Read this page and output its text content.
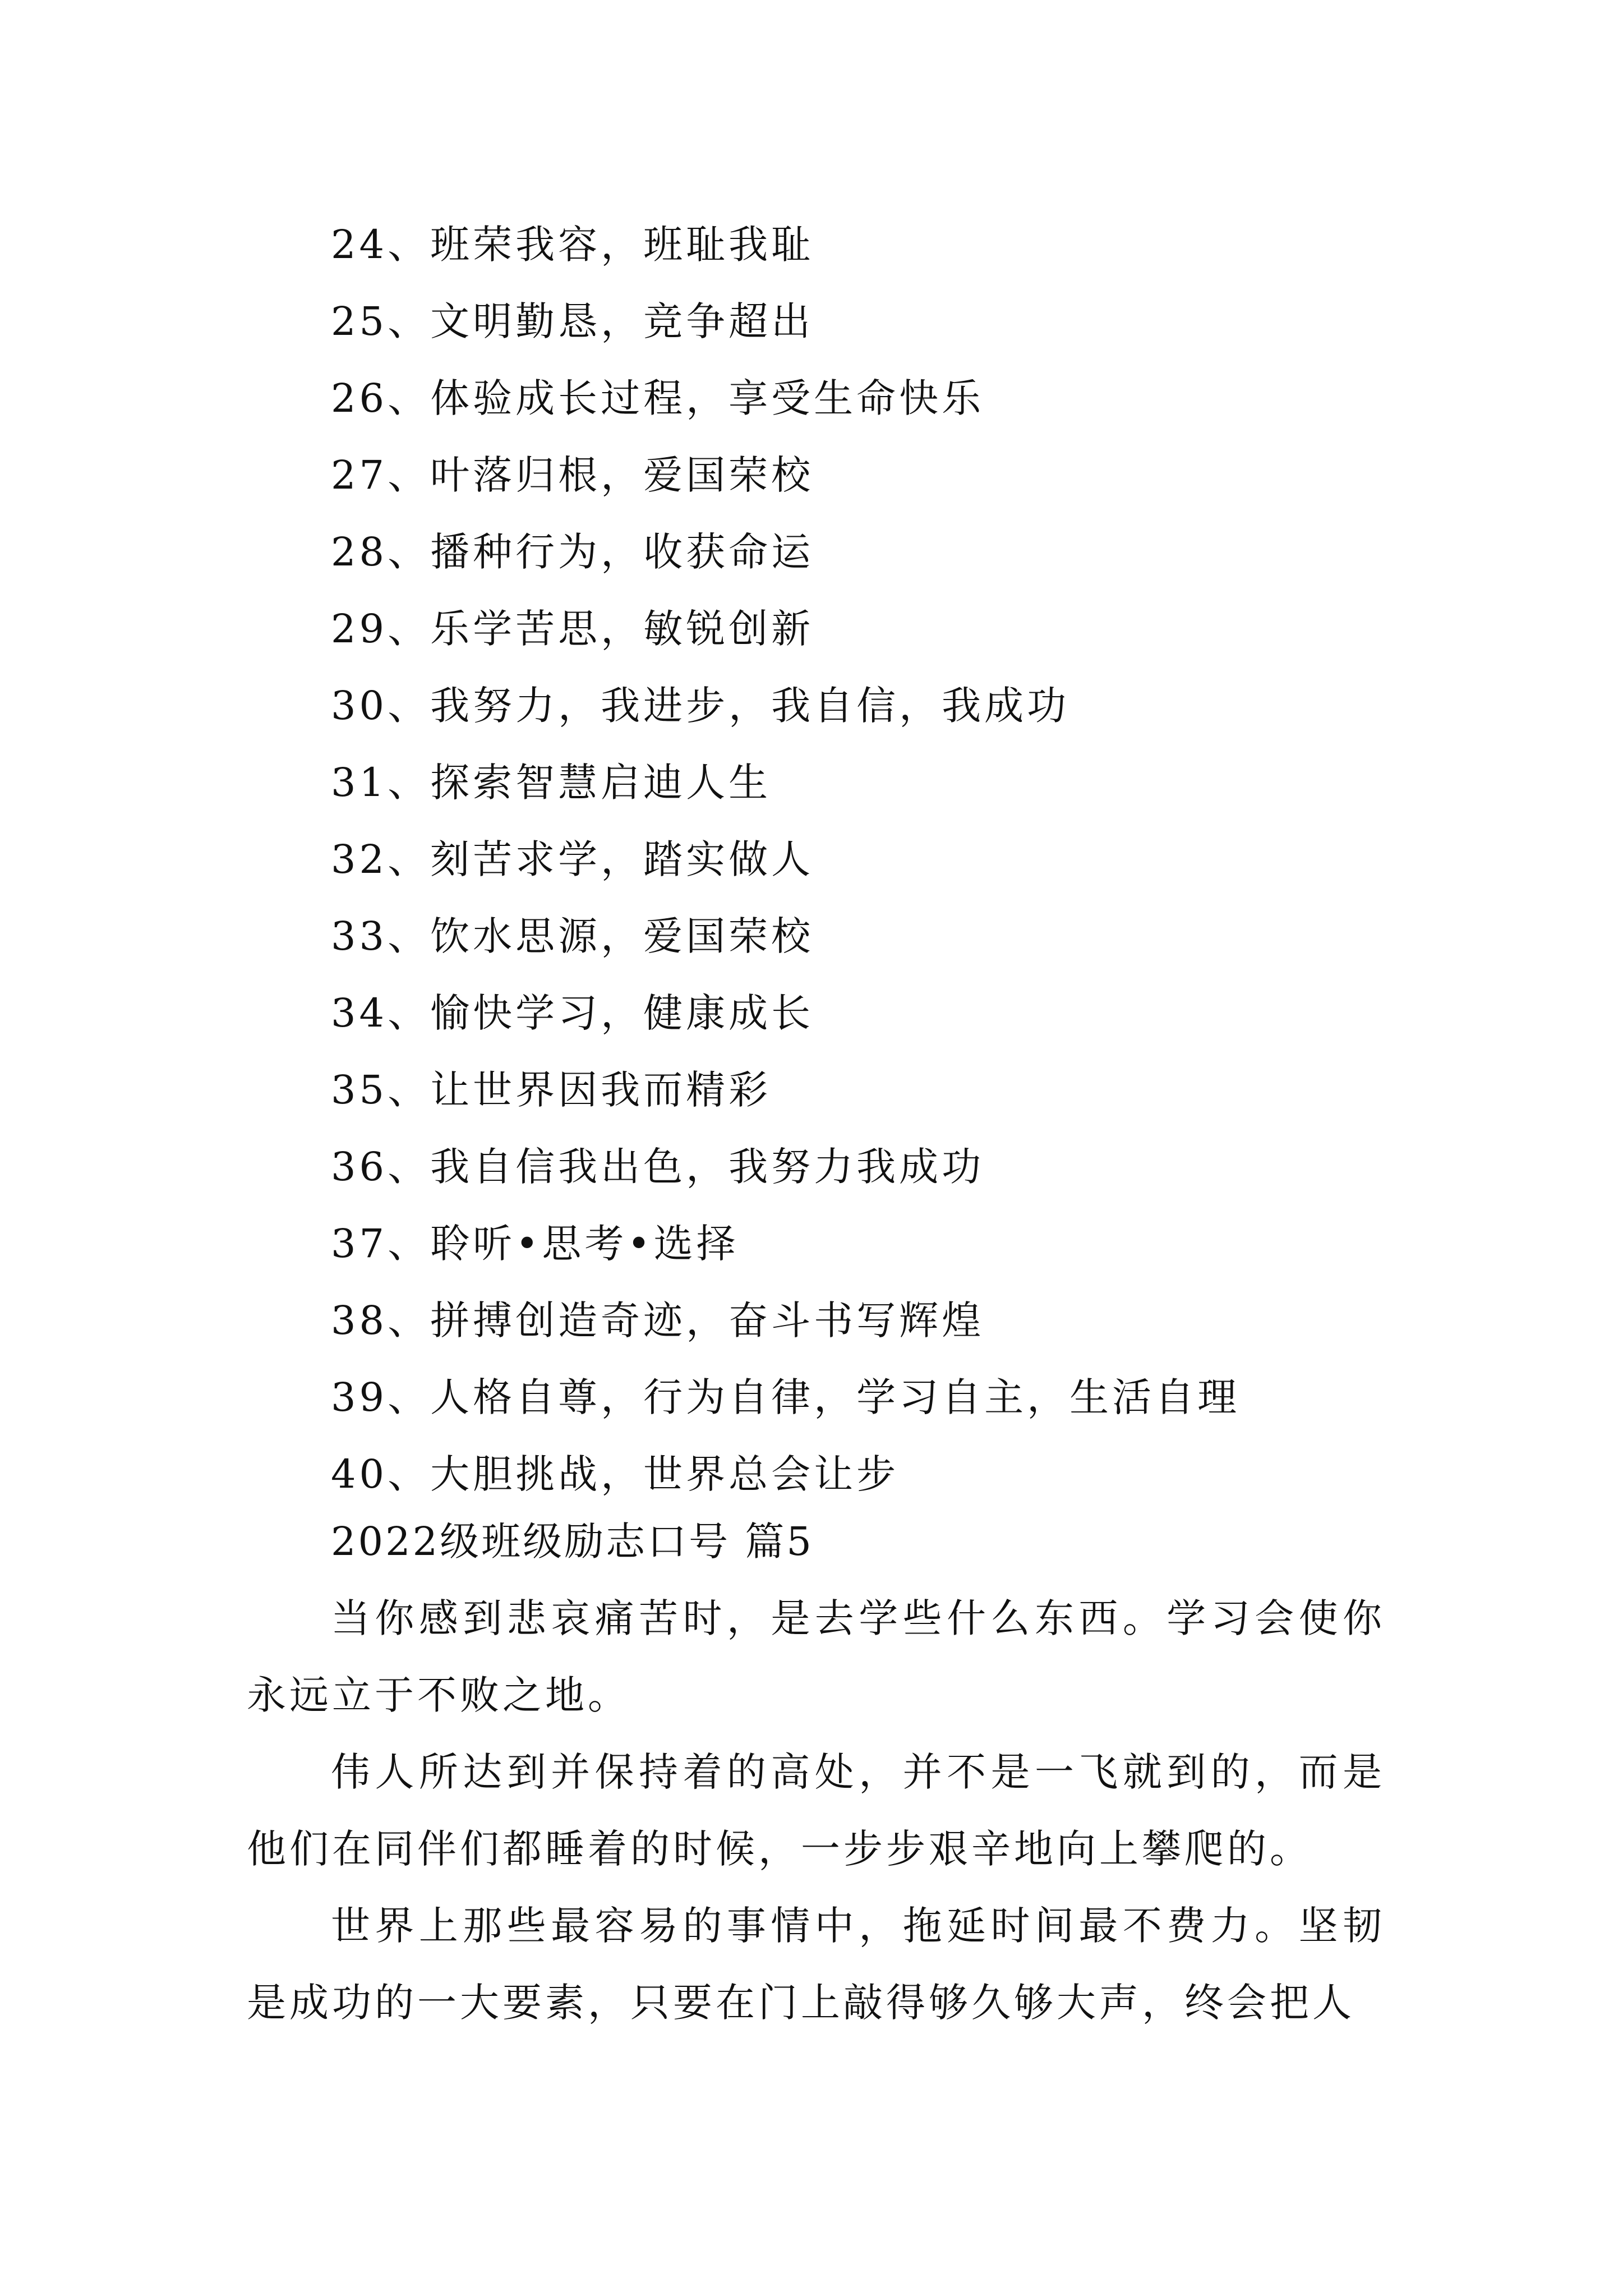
24、班荣我容，班耻我耻
25、文明勤恳，竞争超出
26、体验成长过程，享受生命快乐
27、叶落归根，爱国荣校
28、播种行为，收获命运
29、乐学苦思，敏锐创新
30、我努力，我进步，我自信，我成功
31、探索智慧启迪人生
32、刻苦求学，踏实做人
33、饮水思源，爱国荣校
34、愉快学习，健康成长
35、让世界因我而精彩
36、我自信我出色，我努力我成功
37、聆听•思考•选择
38、拼搏创造奇迹，奋斗书写辉煌
39、人格自尊，行为自律，学习自主，生活自理
40、大胆挑战，世界总会让步
2022级班级励志口号 篇5

当你感到悲哀痛苦时，是去学些什么东西。学习会使你永远立于不败之地。

伟人所达到并保持着的高处，并不是一飞就到的，而是他们在同伴们都睡着的时候，一步步艰辛地向上攀爬的。

世界上那些最容易的事情中，拖延时间最不费力。坚韧是成功的一大要素，只要在门上敲得够久够大声，终会把人
